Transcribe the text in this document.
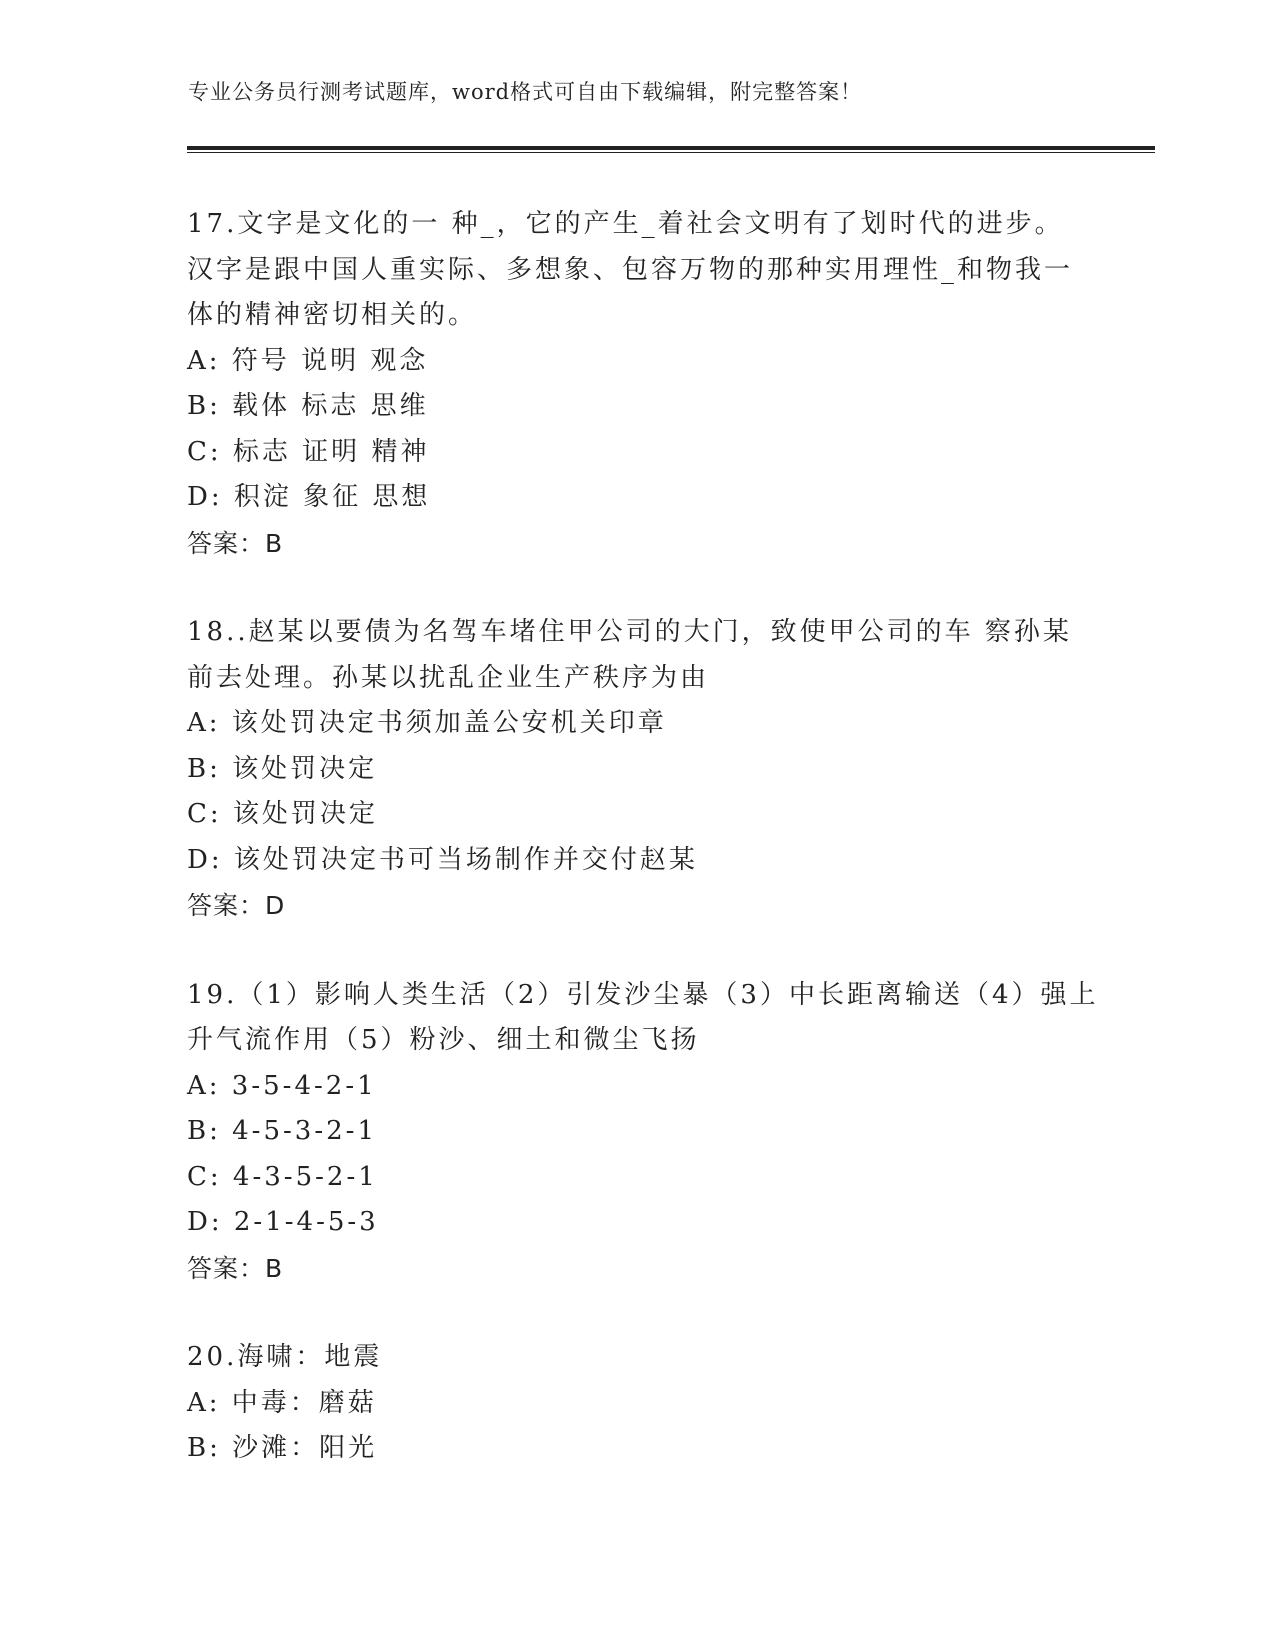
专业公务员行测考试题库，word格式可自由下载编辑，附完整答案！
17.文字是文化的一 种_，它的产生_着社会文明有了划时代的进步。
汉字是跟中国人重实际、多想象、包容万物的那种实用理性_和物我一
体的精神密切相关的。
A: 符号 说明 观念
B: 载体 标志 思维
C: 标志 证明 精神
D: 积淀 象征 思想
答案：B
18..赵某以要债为名驾车堵住甲公司的大门，致使甲公司的车 察孙某
前去处理。孙某以扰乱企业生产秩序为由
A: 该处罚决定书须加盖公安机关印章
B: 该处罚决定
C: 该处罚决定
D: 该处罚决定书可当场制作并交付赵某
答案：D
19.（1）影响人类生活（2）引发沙尘暴（3）中长距离输送（4）强上
升气流作用（5）粉沙、细土和微尘飞扬
A: 3-5-4-2-1
B: 4-5-3-2-1
C: 4-3-5-2-1
D: 2-1-4-5-3
答案：B
20.海啸：地震
A: 中毒：磨菇
B: 沙滩：阳光
